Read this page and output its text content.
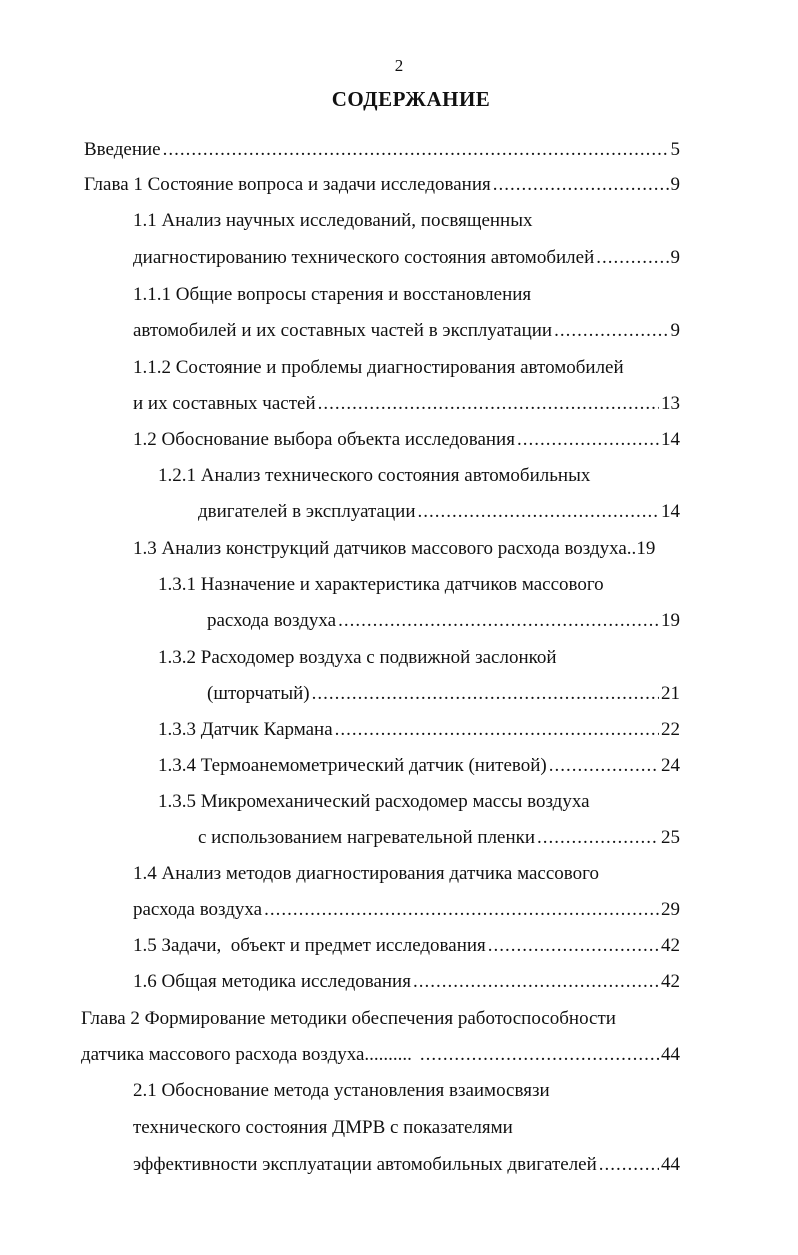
2
СОДЕРЖАНИЕ
Введение .....	5
Глава 1 Состояние вопроса и задачи исследования .....	9
1.1 Анализ научных исследований, посвященных
диагностированию технического состояния автомобилей .....	9
1.1.1 Общие вопросы старения и восстановления
автомобилей и их составных частей в эксплуатации .....	9
1.1.2 Состояние и проблемы диагностирования автомобилей
и их составных частей .....	13
1.2 Обоснование выбора объекта исследования .....	14
1.2.1 Анализ технического состояния автомобильных
двигателей в эксплуатации .....	14
1.3 Анализ конструкций датчиков массового расхода воздуха.. 19
1.3.1 Назначение и характеристика датчиков массового
расхода воздуха .....	19
1.3.2 Расходомер воздуха с подвижной заслонкой
(шторчатый) .....	21
1.3.3 Датчик Кармана .....	22
1.3.4 Термоанемометрический датчик (нитевой) .....	24
1.3.5 Микромеханический расходомер массы воздуха
с использованием нагревательной пленки .....	25
1.4 Анализ методов диагностирования датчика массового
расхода воздуха .....	29
1.5 Задачи,  объект и предмет исследования .....	42
1.6 Общая методика исследования .....	42
Глава 2 Формирование методики обеспечения работоспособности
датчика массового расхода воздуха.......... .....	44
2.1 Обоснование метода установления взаимосвязи
технического состояния ДМРВ с показателями
эффективности эксплуатации автомобильных двигателей .....	44
